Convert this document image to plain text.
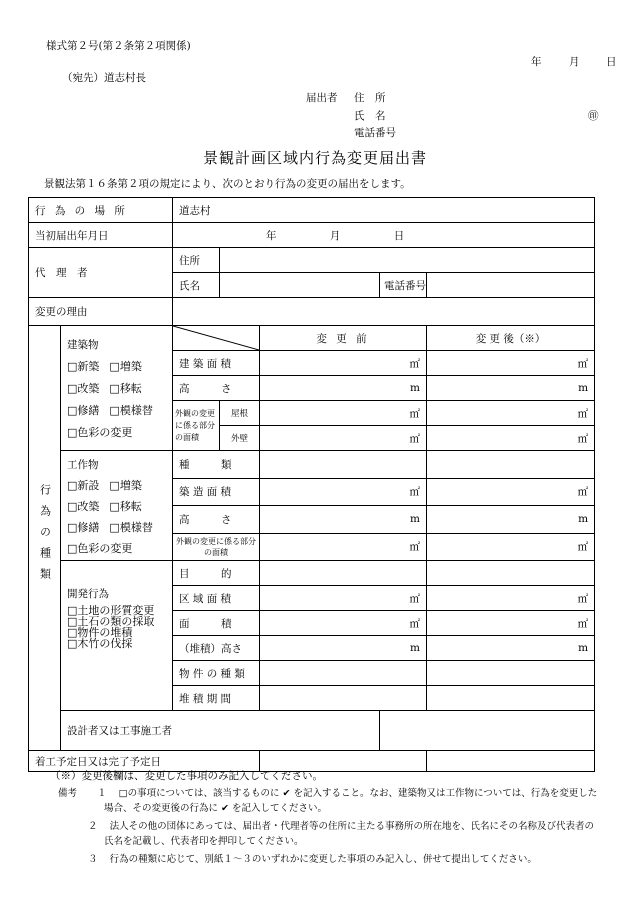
様式第２号(第２条第２項関係)
年	月	日
（宛先）道志村長
届出者 住　所
氏　名	㊞
電話番号
景観計画区域内行為変更届出書
景観法第１６条第２項の規定により、次のとおり行為の変更の届出をします。
行 為 の 場 所		道志村					
当初届出年月日		年 月 日					
代　理　者		住所					
		氏名			電話番号		
変更の理由							
行為の種類	建築物
□新築 □増築
□改築 □移転
□修繕 □模様替
□色彩の変更			変 更 前		変 更 後（※）	
		建 築 面 積		㎡		㎡	
		高　　　さ		m		m	
		外観の変更に係る部分の面積	屋根	㎡		㎡	
			外壁	㎡		㎡	

	工作物
□新設 □増築
□改築 □移転
□修繕 □模様替
□色彩の変更	種　　　類					
		築 造 面 積		㎡		㎡	
		高　　　さ		m		m	
		外観の変更に係る部分の面積		㎡		㎡	

	開発行為
□土地の形質変更
□土石の類の採取
□物件の堆積
□木竹の伐採	目　　　的					
		区 域 面 積		㎡		㎡	
		面　　　積		㎡		㎡	
		（堆積）高さ		m		m	
		物 件 の 種 類					
		堆 積 期 間					
	設計者又は工事施工者						
着工予定日又は完了予定日							
（※）変更後欄は、変更した事項のみ記入してください。
備考 １ □の事項については、該当するものに ✔ を記入すること。なお、建築物又は工作物については、行為を変更した
場合、その変更後の行為に ✔ を記入してください。
２ 法人その他の団体にあっては、届出者・代理者等の住所に主たる事務所の所在地を、氏名にその名称及び代表者の
氏名を記載し、代表者印を押印してください。
３ 行為の種類に応じて、別紙１～３のいずれかに変更した事項のみ記入し、併せて提出してください。
